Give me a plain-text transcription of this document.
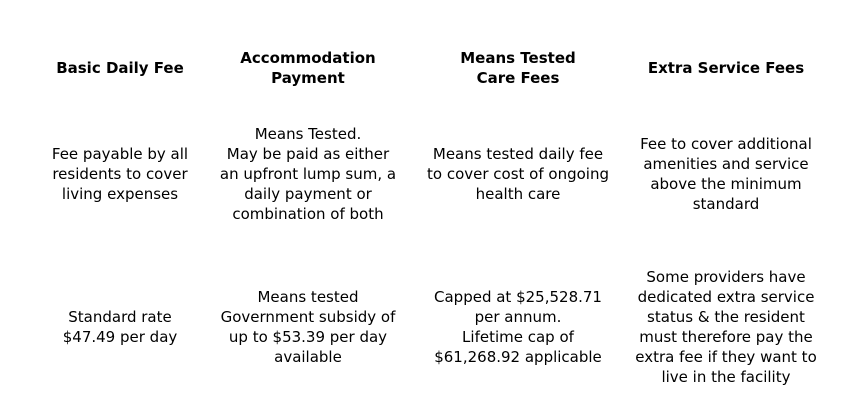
Basic Daily Fee
Fee payable by all
residents to cover
living expenses
Standard rate
$47.49 per day
Accommodation
Payment
Means Tested.
May be paid as either
an upfront lump sum, a
daily payment or
combination of both
Means tested
Government subsidy of
up to $53.39 per day
available
Means Tested
Care Fees
Means tested daily fee
to cover cost of ongoing
health care
Capped at $25,528.71
per annum.
Lifetime cap of
$61,268.92 applicable
Extra Service Fees
Fee to cover additional
amenities and service
above the minimum
standard
Some providers have
dedicated extra service
status & the resident
must therefore pay the
extra fee if they want to
live in the facility
